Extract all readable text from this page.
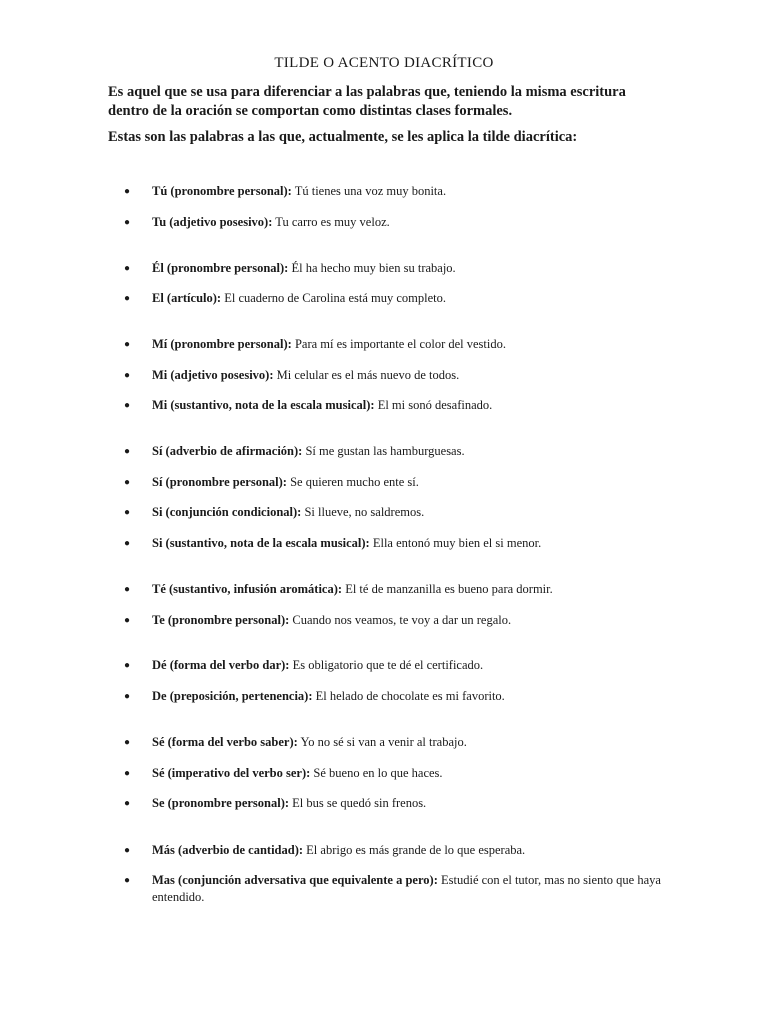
TILDE O ACENTO DIACRÍTICO

Es aquel que se usa para diferenciar a las palabras que, teniendo la misma escritura dentro de la oración se comportan como distintas clases formales.

Estas son las palabras a las que, actualmente, se les aplica la tilde diacrítica:

● Tú (pronombre personal): Tú tienes una voz muy bonita.
● Tu (adjetivo posesivo): Tu carro es muy veloz.
● Él (pronombre personal): Él ha hecho muy bien su trabajo.
● El (artículo): El cuaderno de Carolina está muy completo.
● Mí (pronombre personal): Para mí es importante el color del vestido.
● Mi (adjetivo posesivo): Mi celular es el más nuevo de todos.
● Mi (sustantivo, nota de la escala musical): El mi sonó desafinado.
● Sí (adverbio de afirmación): Sí me gustan las hamburguesas.
● Sí (pronombre personal): Se quieren mucho ente sí.
● Si (conjunción condicional): Si llueve, no saldremos.
● Si (sustantivo, nota de la escala musical): Ella entonó muy bien el si menor.
● Té (sustantivo, infusión aromática): El té de manzanilla es bueno para dormir.
● Te (pronombre personal): Cuando nos veamos, te voy a dar un regalo.
● Dé (forma del verbo dar): Es obligatorio que te dé el certificado.
● De (preposición, pertenencia): El helado de chocolate es mi favorito.
● Sé (forma del verbo saber): Yo no sé si van a venir al trabajo.
● Sé (imperativo del verbo ser): Sé bueno en lo que haces.
● Se (pronombre personal): El bus se quedó sin frenos.
● Más (adverbio de cantidad): El abrigo es más grande de lo que esperaba.
● Mas (conjunción adversativa que equivalente a pero): Estudié con el tutor, mas no siento que haya entendido.
